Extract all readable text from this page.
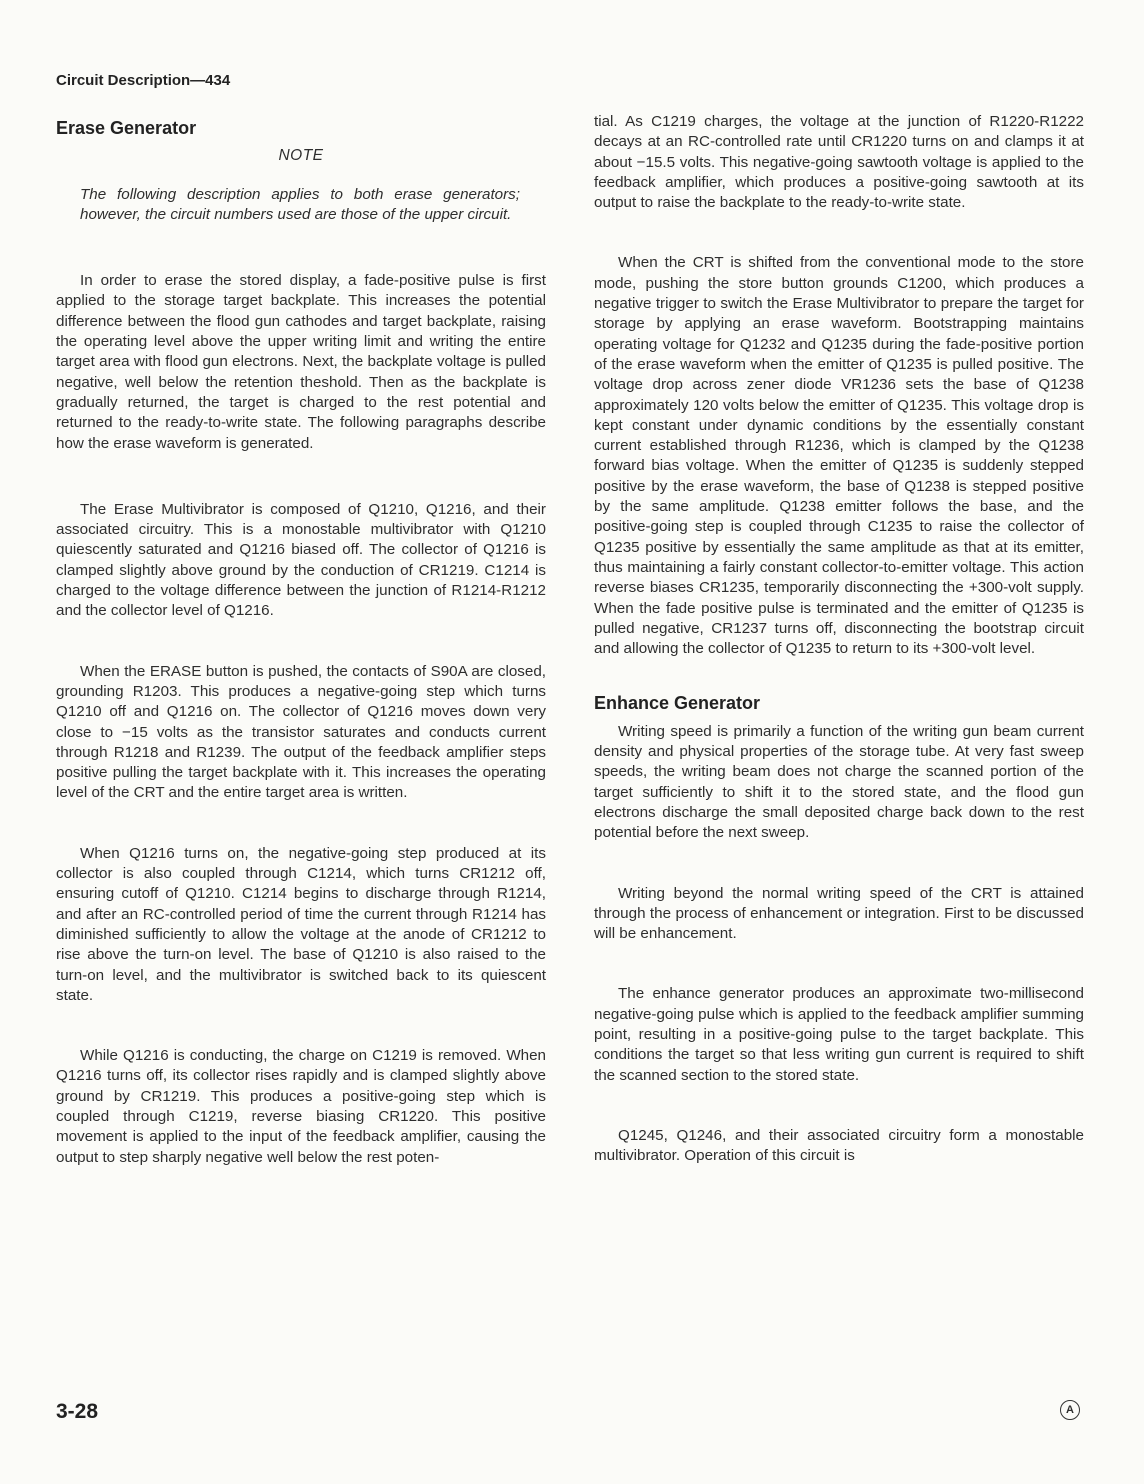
Circuit Description—434
Erase Generator
NOTE
The following description applies to both erase generators; however, the circuit numbers used are those of the upper circuit.

In order to erase the stored display, a fade-positive pulse is first applied to the storage target backplate. This increases the potential difference between the flood gun cathodes and target backplate, raising the operating level above the upper writing limit and writing the entire target area with flood gun electrons. Next, the backplate voltage is pulled negative, well below the retention theshold. Then as the backplate is gradually returned, the target is charged to the rest potential and returned to the ready-to-write state. The following paragraphs describe how the erase waveform is generated.

The Erase Multivibrator is composed of Q1210, Q1216, and their associated circuitry. This is a monostable multivibrator with Q1210 quiescently saturated and Q1216 biased off. The collector of Q1216 is clamped slightly above ground by the conduction of CR1219. C1214 is charged to the voltage difference between the junction of R1214-R1212 and the collector level of Q1216.

When the ERASE button is pushed, the contacts of S90A are closed, grounding R1203. This produces a negative-going step which turns Q1210 off and Q1216 on. The collector of Q1216 moves down very close to −15 volts as the transistor saturates and conducts current through R1218 and R1239. The output of the feedback amplifier steps positive pulling the target backplate with it. This increases the operating level of the CRT and the entire target area is written.

When Q1216 turns on, the negative-going step produced at its collector is also coupled through C1214, which turns CR1212 off, ensuring cutoff of Q1210. C1214 begins to discharge through R1214, and after an RC-controlled period of time the current through R1214 has diminished sufficiently to allow the voltage at the anode of CR1212 to rise above the turn-on level. The base of Q1210 is also raised to the turn-on level, and the multivibrator is switched back to its quiescent state.

While Q1216 is conducting, the charge on C1219 is removed. When Q1216 turns off, its collector rises rapidly and is clamped slightly above ground by CR1219. This produces a positive-going step which is coupled through C1219, reverse biasing CR1220. This positive movement is applied to the input of the feedback amplifier, causing the output to step sharply negative well below the rest poten-

tial. As C1219 charges, the voltage at the junction of R1220-R1222 decays at an RC-controlled rate until CR1220 turns on and clamps it at about −15.5 volts. This negative-going sawtooth voltage is applied to the feedback amplifier, which produces a positive-going sawtooth at its output to raise the backplate to the ready-to-write state.

When the CRT is shifted from the conventional mode to the store mode, pushing the store button grounds C1200, which produces a negative trigger to switch the Erase Multivibrator to prepare the target for storage by applying an erase waveform. Bootstrapping maintains operating voltage for Q1232 and Q1235 during the fade-positive portion of the erase waveform when the emitter of Q1235 is pulled positive. The voltage drop across zener diode VR1236 sets the base of Q1238 approximately 120 volts below the emitter of Q1235. This voltage drop is kept constant under dynamic conditions by the essentially constant current established through R1236, which is clamped by the Q1238 forward bias voltage. When the emitter of Q1235 is suddenly stepped positive by the erase waveform, the base of Q1238 is stepped positive by the same amplitude. Q1238 emitter follows the base, and the positive-going step is coupled through C1235 to raise the collector of Q1235 positive by essentially the same amplitude as that at its emitter, thus maintaining a fairly constant collector-to-emitter voltage. This action reverse biases CR1235, temporarily disconnecting the +300-volt supply. When the fade positive pulse is terminated and the emitter of Q1235 is pulled negative, CR1237 turns off, disconnecting the bootstrap circuit and allowing the collector of Q1235 to return to its +300-volt level.

Enhance Generator

Writing speed is primarily a function of the writing gun beam current density and physical properties of the storage tube. At very fast sweep speeds, the writing beam does not charge the scanned portion of the target sufficiently to shift it to the stored state, and the flood gun electrons discharge the small deposited charge back down to the rest potential before the next sweep.

Writing beyond the normal writing speed of the CRT is attained through the process of enhancement or integration. First to be discussed will be enhancement.

The enhance generator produces an approximate two-millisecond negative-going pulse which is applied to the feedback amplifier summing point, resulting in a positive-going pulse to the target backplate. This conditions the target so that less writing gun current is required to shift the scanned section to the stored state.

Q1245, Q1246, and their associated circuitry form a monostable multivibrator. Operation of this circuit is

3-28	A
